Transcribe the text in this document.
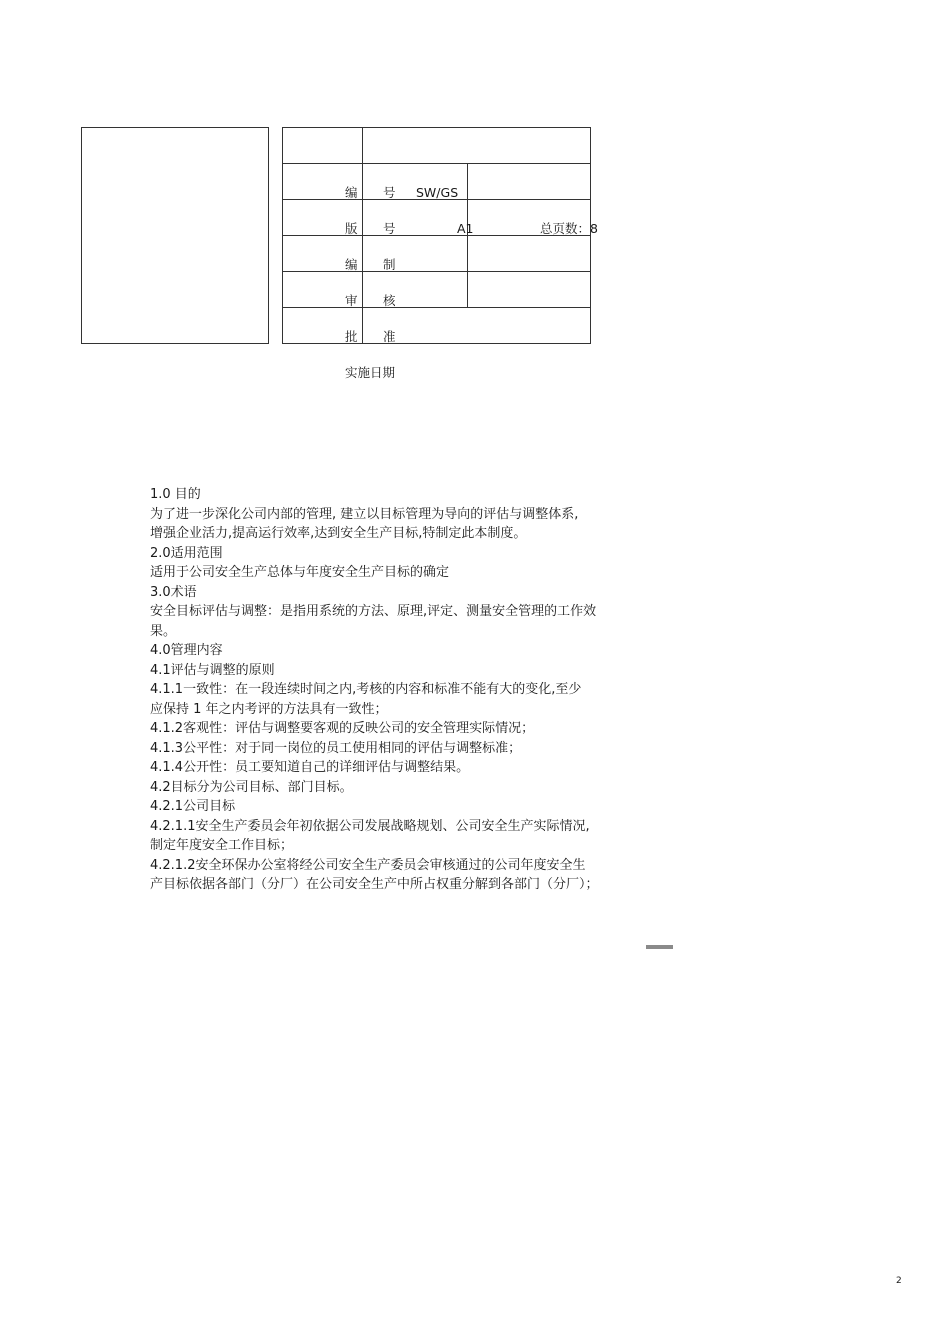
编 号 SW/GS
版 号	A1	总页数：8
编 制
审 核
批 准
实施日期
1.0 目的
为了进一步深化公司内部的管理, 建立以目标管理为导向的评估与调整体系,
增强企业活力,提高运行效率,达到安全生产目标,特制定此本制度。
2.0适用范围
适用于公司安全生产总体与年度安全生产目标的确定
3.0术语
安全目标评估与调整：是指用系统的方法、原理,评定、测量安全管理的工作效
果。
4.0管理内容
4.1评估与调整的原则
4.1.1一致性：在一段连续时间之内,考核的内容和标准不能有大的变化,至少
应保持 1 年之内考评的方法具有一致性；
4.1.2客观性：评估与调整要客观的反映公司的安全管理实际情况；
4.1.3公平性：对于同一岗位的员工使用相同的评估与调整标准；
4.1.4公开性：员工要知道自己的详细评估与调整结果。
4.2目标分为公司目标、部门目标。
4.2.1公司目标
4.2.1.1安全生产委员会年初依据公司发展战略规划、公司安全生产实际情况,
制定年度安全工作目标；
4.2.1.2安全环保办公室将经公司安全生产委员会审核通过的公司年度安全生
产目标依据各部门（分厂）在公司安全生产中所占权重分解到各部门（分厂）；
2
